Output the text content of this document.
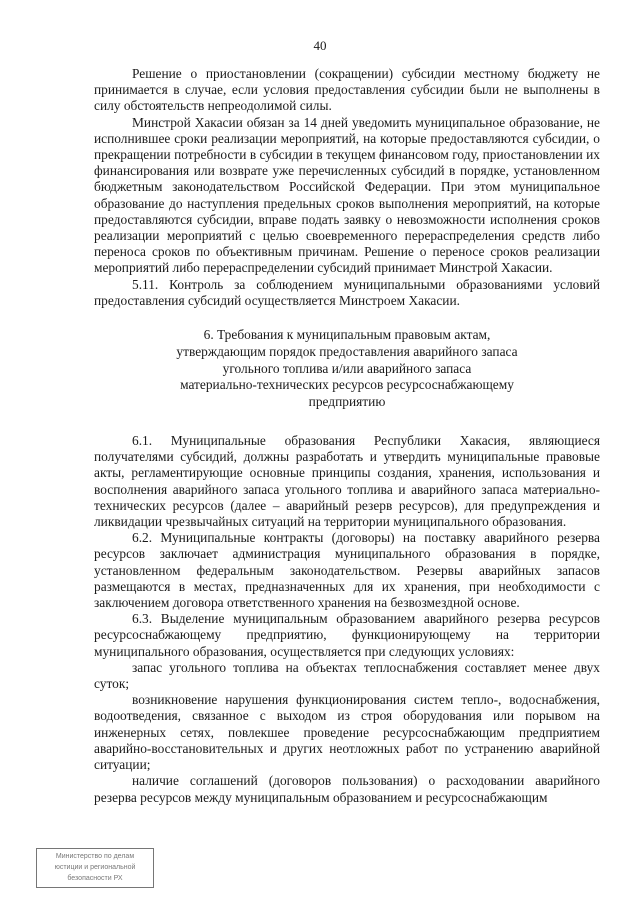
40

Решение о приостановлении (сокращении) субсидии местному бюджету не принимается в случае, если условия предоставления субсидии были не выполнены в силу обстоятельств непреодолимой силы.

Минстрой Хакасии обязан за 14 дней уведомить муниципальное образование, не исполнившее сроки реализации мероприятий, на которые предоставляются субсидии, о прекращении потребности в субсидии в текущем финансовом году, приостановлении их финансирования или возврате уже перечисленных субсидий в порядке, установленном бюджетным законодательством Российской Федерации. При этом муниципальное образование до наступления предельных сроков выполнения мероприятий, на которые предоставляются субсидии, вправе подать заявку о невозможности исполнения сроков реализации мероприятий с целью своевременного перераспределения средств либо переноса сроков по объективным причинам. Решение о переносе сроков реализации мероприятий либо перераспределении субсидий принимает Минстрой Хакасии.

5.11. Контроль за соблюдением муниципальными образованиями условий предоставления субсидий осуществляется Минстроем Хакасии.

6. Требования к муниципальным правовым актам,
утверждающим порядок предоставления аварийного запаса
угольного топлива и/или аварийного запаса
материально-технических ресурсов ресурсоснабжающему
предприятию

6.1. Муниципальные образования Республики Хакасия, являющиеся получателями субсидий, должны разработать и утвердить муниципальные правовые акты, регламентирующие основные принципы создания, хранения, использования и восполнения аварийного запаса угольного топлива и аварийного запаса материально-технических ресурсов (далее – аварийный резерв ресурсов), для предупреждения и ликвидации чрезвычайных ситуаций на территории муниципального образования.

6.2. Муниципальные контракты (договоры) на поставку аварийного резерва ресурсов заключает администрация муниципального образования в порядке, установленном федеральным законодательством. Резервы аварийных запасов размещаются в местах, предназначенных для их хранения, при необходимости с заключением договора ответственного хранения на безвозмездной основе.

6.3. Выделение муниципальным образованием аварийного резерва ресурсов ресурсоснабжающему предприятию, функционирующему на территории муниципального образования, осуществляется при следующих условиях:

запас угольного топлива на объектах теплоснабжения составляет менее двух суток;

возникновение нарушения функционирования систем тепло-, водоснабжения, водоотведения, связанное с выходом из строя оборудования или порывом на инженерных сетях, повлекшее проведение ресурсоснабжающим предприятием аварийно-восстановительных и других неотложных работ по устранению аварийной ситуации;

наличие соглашений (договоров пользования) о расходовании аварийного резерва ресурсов между муниципальным образованием и ресурсоснабжающим

Министерство по делам
юстиции и региональной
безопасности РХ
